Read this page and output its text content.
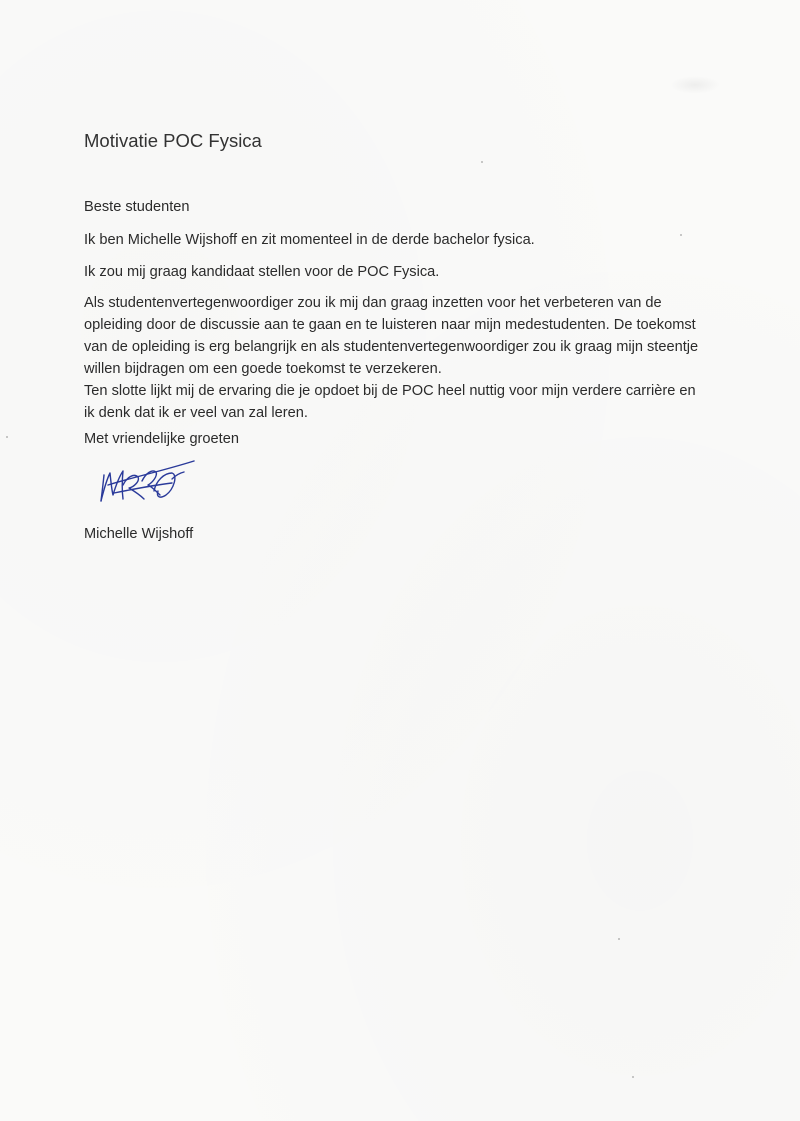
Motivatie POC Fysica
Beste studenten
Ik ben Michelle Wijshoff en zit momenteel in de derde bachelor fysica.
Ik zou mij graag kandidaat stellen voor de POC Fysica.
Als studentenvertegenwoordiger zou ik mij dan graag inzetten voor het verbeteren van de
opleiding door de discussie aan te gaan en te luisteren naar mijn medestudenten. De toekomst
van de opleiding is erg belangrijk en als studentenvertegenwoordiger zou ik graag mijn steentje
willen bijdragen om een goede toekomst te verzekeren.
Ten slotte lijkt mij de ervaring die je opdoet bij de POC heel nuttig voor mijn verdere carrière en
ik denk dat ik er veel van zal leren.
Met vriendelijke groeten
Michelle Wijshoff
